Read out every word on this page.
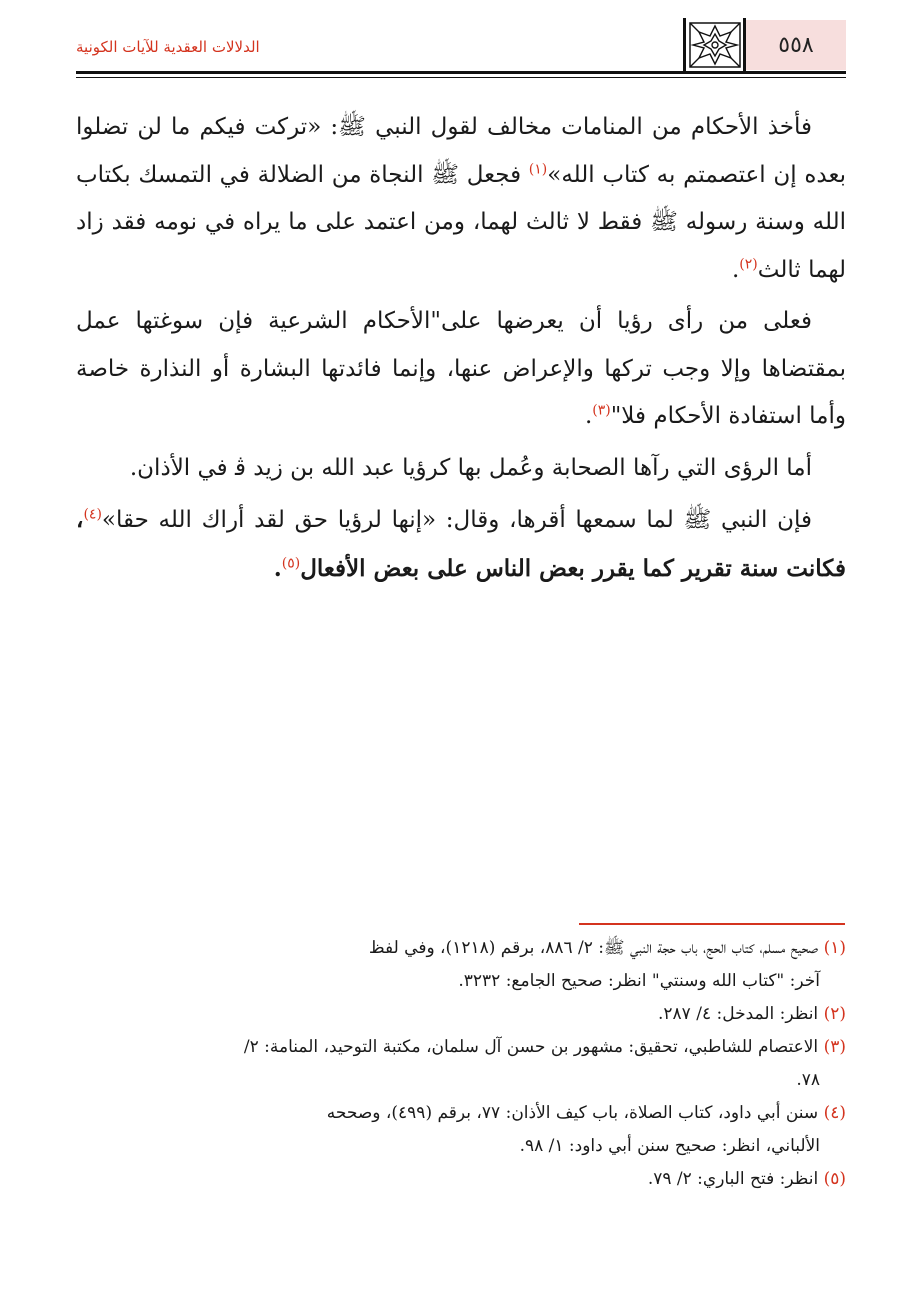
٥٥٨
الدلالات العقدية للآيات الكونية

فأخذ الأحكام من المنامات مخالف لقول النبي ﷺ: «تركت فيكم ما لن تضلوا بعده إن اعتصمتم به كتاب الله»$^{(١)}$ فجعل ﷺ النجاة من الضلالة في التمسك بكتاب الله وسنة رسوله ﷺ فقط لا ثالث لهما، ومن اعتمد على ما يراه في نومه فقد زاد لهما ثالث$^{(٢)}$.

فعلى من رأى رؤيا أن يعرضها على"الأحكام الشرعية فإن سوغتها عمل بمقتضاها وإلا وجب تركها والإعراض عنها، وإنما فائدتها البشارة أو النذارة خاصة وأما استفادة الأحكام فلا"$^{(٣)}$.

أما الرؤى التي رآها الصحابة وعُمل بها كرؤيا عبد الله بن زيد ﭬ في الأذان.

فإن النبي ﷺ لما سمعها أقرها، وقال: «إنها لرؤيا حق لقد أراك الله حقا»$^{(٤)}$، فكانت سنة تقرير كما يقرر بعض الناس على بعض الأفعال$^{(٥)}$.

(١) صحيح مسلم، كتاب الحج، باب حجة النبي ﷺ: ٢/ ٨٨٦، برقم (١٢١٨)، وفي لفظ
آخر: "كتاب الله وسنتي" انظر: صحيح الجامع: ٣٢٣٢.

(٢) انظر: المدخل: ٤/ ٢٨٧.

(٣) الاعتصام للشاطبي، تحقيق: مشهور بن حسن آل سلمان، مكتبة التوحيد، المنامة: ٢/
٧٨.

(٤) سنن أبي داود، كتاب الصلاة، باب كيف الأذان: ٧٧، برقم (٤٩٩)، وصححه
الألباني، انظر: صحيح سنن أبي داود: ١/ ٩٨.

(٥) انظر: فتح الباري: ٢/ ٧٩.
